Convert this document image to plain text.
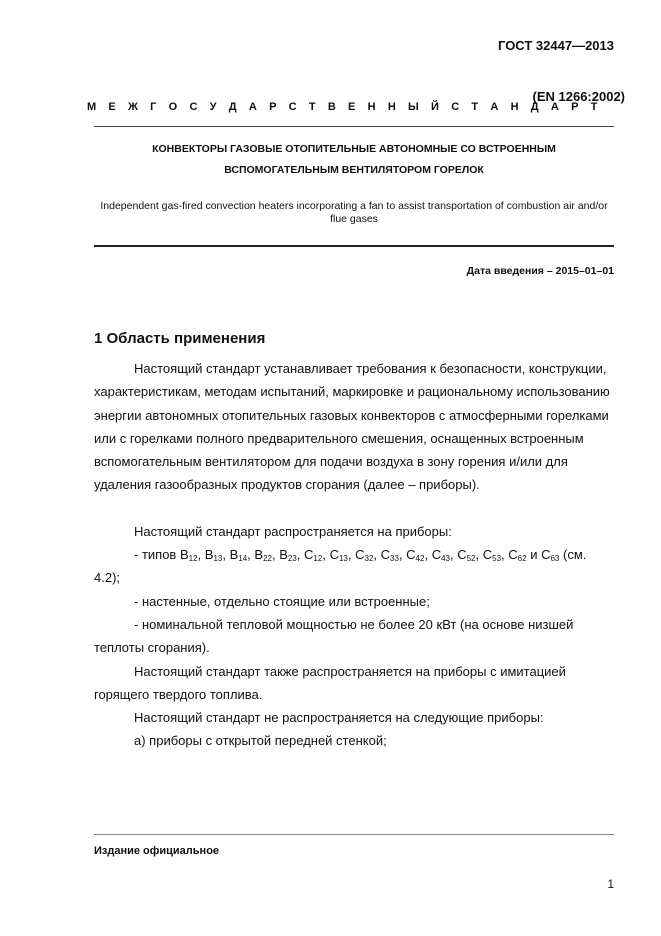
ГОСТ 32447—2013
(EN 1266:2002)
М Е Ж Г О С У Д А Р С Т В Е Н Н Ы Й С Т А Н Д А Р Т
КОНВЕКТОРЫ ГАЗОВЫЕ ОТОПИТЕЛЬНЫЕ АВТОНОМНЫЕ СО ВСТРОЕННЫМ
ВСПОМОГАТЕЛЬНЫМ ВЕНТИЛЯТОРОМ ГОРЕЛОК
Independent gas-fired convection heaters incorporating a fan to assist transportation of combustion air and/or flue gases
Дата введения – 2015–01–01
1 Область применения
Настоящий стандарт устанавливает требования к безопасности, конструкции, характеристикам, методам испытаний, маркировке и рациональному использованию энергии автономных отопительных газовых конвекторов с атмосферными горелками или с горелками полного предварительного смешения, оснащенных встроенным вспомогательным вентилятором для подачи воздуха в зону горения и/или для удаления газообразных продуктов сгорания (далее – приборы).
Настоящий стандарт распространяется на приборы:
- типов $B_{12}$, $B_{13}$, $B_{14}$, $B_{22}$, $B_{23}$, $C_{12}$, $C_{13}$, $C_{32}$, $C_{33}$, $C_{42}$, $C_{43}$, $C_{52}$, $C_{53}$, $C_{62}$ и $C_{63}$ (см. 4.2);
- настенные, отдельно стоящие или встроенные;
- номинальной тепловой мощностью не более 20 кВт (на основе низшей теплоты сгорания).
Настоящий стандарт также распространяется на приборы с имитацией горящего твердого топлива.
Настоящий стандарт не распространяется на следующие приборы:
а) приборы с открытой передней стенкой;
Издание официальное
1
